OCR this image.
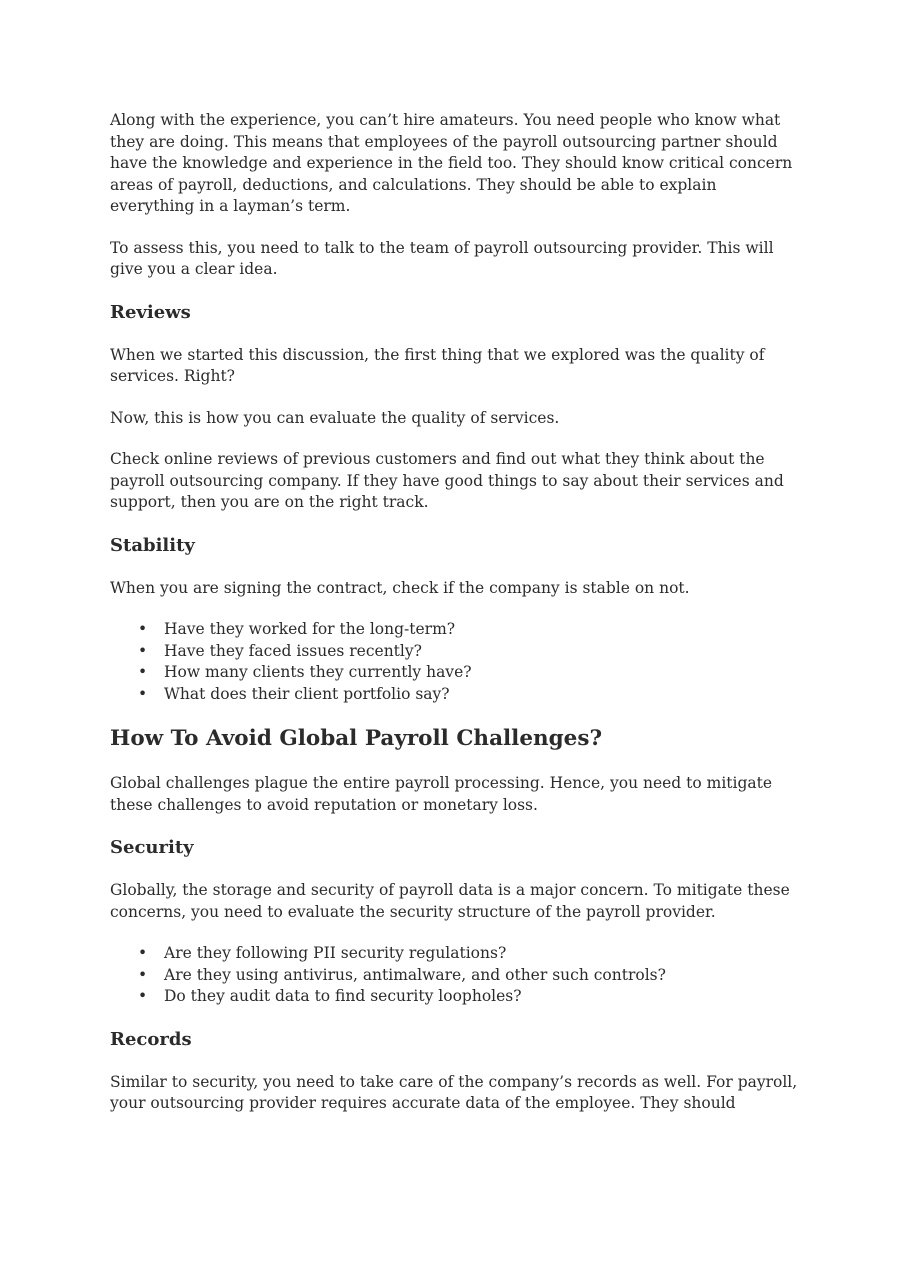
Along with the experience, you can’t hire amateurs. You need people who know what they are doing. This means that employees of the payroll outsourcing partner should have the knowledge and experience in the field too. They should know critical concern areas of payroll, deductions, and calculations. They should be able to explain everything in a layman’s term.

To assess this, you need to talk to the team of payroll outsourcing provider. This will give you a clear idea.

Reviews

When we started this discussion, the first thing that we explored was the quality of services. Right?

Now, this is how you can evaluate the quality of services.

Check online reviews of previous customers and find out what they think about the payroll outsourcing company. If they have good things to say about their services and support, then you are on the right track.

Stability

When you are signing the contract, check if the company is stable on not.

• Have they worked for the long-term?
• Have they faced issues recently?
• How many clients they currently have?
• What does their client portfolio say?
How To Avoid Global Payroll Challenges?

Global challenges plague the entire payroll processing. Hence, you need to mitigate these challenges to avoid reputation or monetary loss.

Security

Globally, the storage and security of payroll data is a major concern. To mitigate these concerns, you need to evaluate the security structure of the payroll provider.

• Are they following PII security regulations?
• Are they using antivirus, antimalware, and other such controls?
• Do they audit data to find security loopholes?
Records

Similar to security, you need to take care of the company’s records as well. For payroll, your outsourcing provider requires accurate data of the employee. They should
